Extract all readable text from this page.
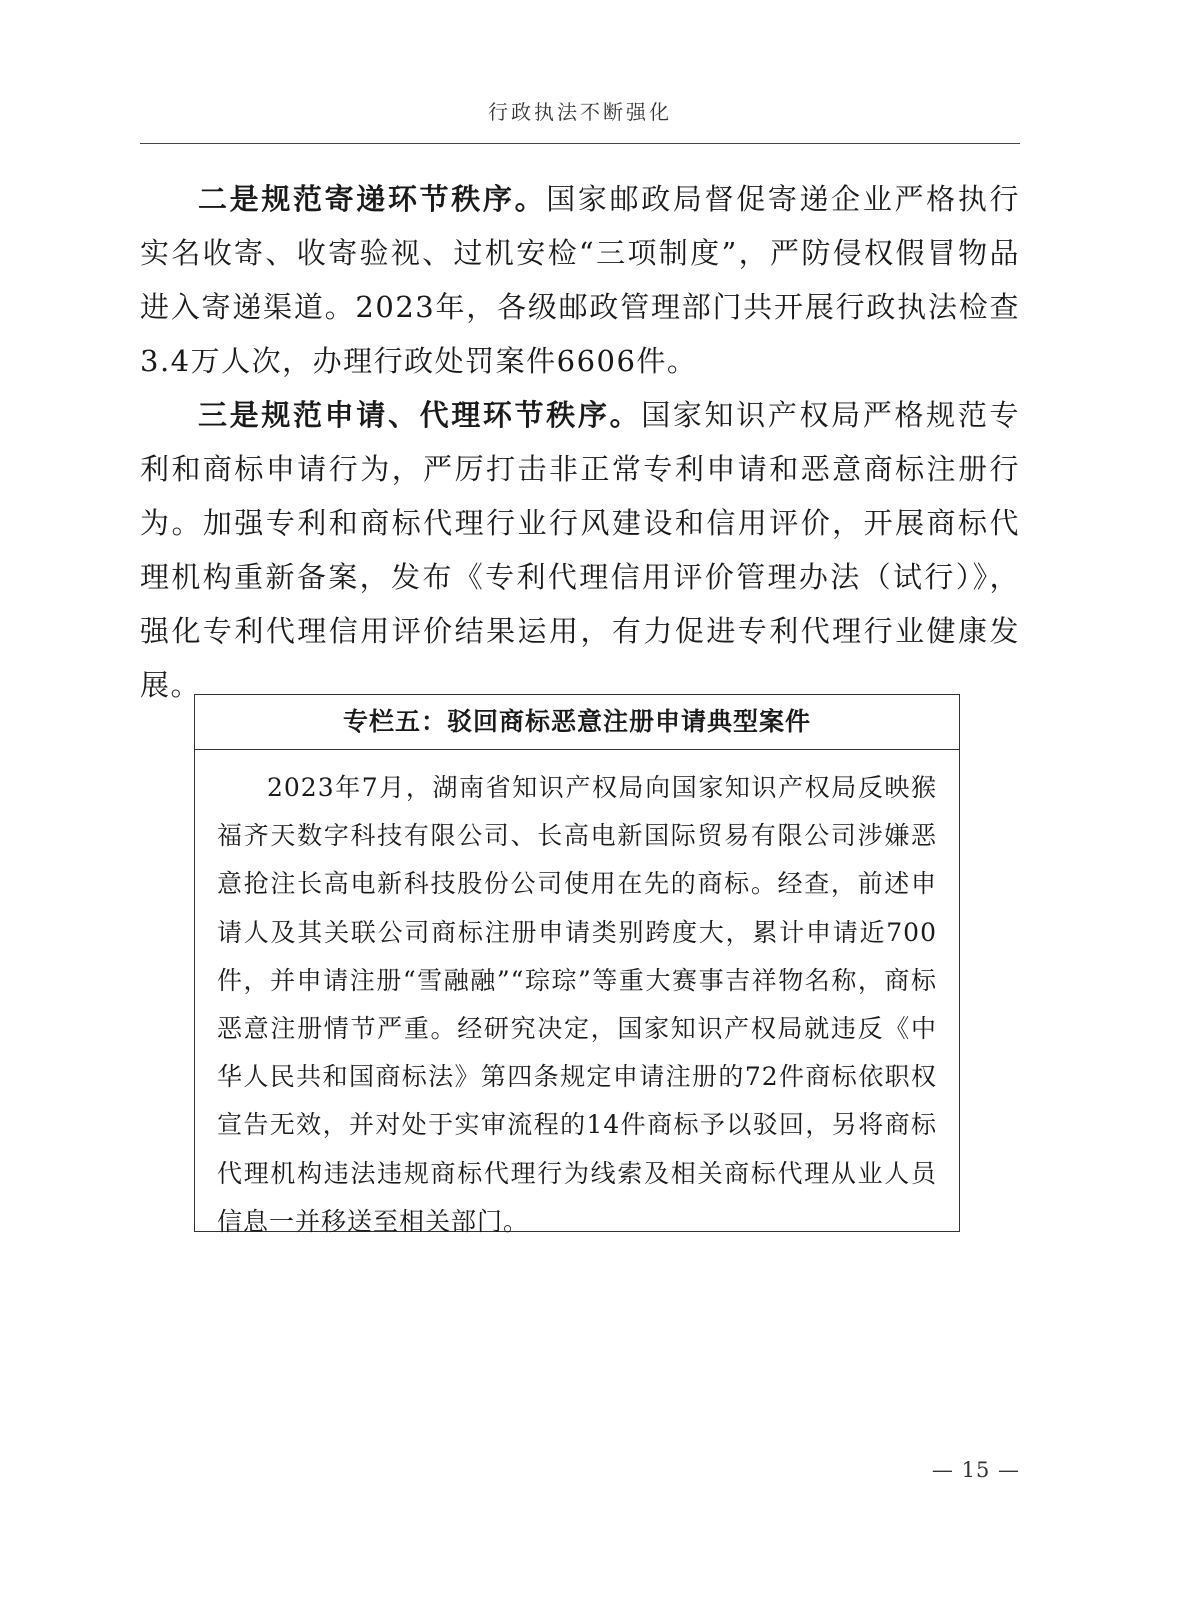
行政执法不断强化

二是规范寄递环节秩序。国家邮政局督促寄递企业严格执行实名收寄、收寄验视、过机安检“三项制度”，严防侵权假冒物品进入寄递渠道。2023年，各级邮政管理部门共开展行政执法检查3.4万人次，办理行政处罚案件6606件。

三是规范申请、代理环节秩序。国家知识产权局严格规范专利和商标申请行为，严厉打击非正常专利申请和恶意商标注册行为。加强专利和商标代理行业行风建设和信用评价，开展商标代理机构重新备案，发布《专利代理信用评价管理办法（试行）》，强化专利代理信用评价结果运用，有力促进专利代理行业健康发展。

专栏五：驳回商标恶意注册申请典型案件
2023年7月，湖南省知识产权局向国家知识产权局反映猴福齐天数字科技有限公司、长高电新国际贸易有限公司涉嫌恶意抢注长高电新科技股份公司使用在先的商标。经查，前述申请人及其关联公司商标注册申请类别跨度大，累计申请近700件，并申请注册“雪融融”“琮琮”等重大赛事吉祥物名称，商标恶意注册情节严重。经研究决定，国家知识产权局就违反《中华人民共和国商标法》第四条规定申请注册的72件商标依职权宣告无效，并对处于实审流程的14件商标予以驳回，另将商标代理机构违法违规商标代理行为线索及相关商标代理从业人员信息一并移送至相关部门。
— 15 —
